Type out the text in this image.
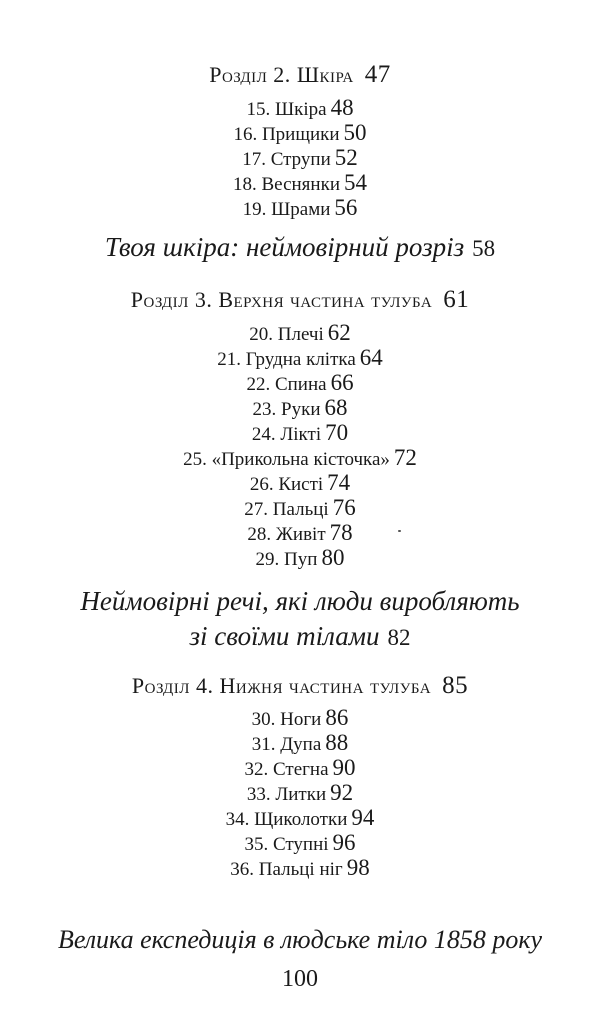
Розділ 2. Шкіра 47
15. Шкіра 48
16. Прищики 50
17. Струпи 52
18. Веснянки 54
19. Шрами 56
Твоя шкіра: неймовірний розріз 58
Розділ 3. Верхня частина тулуба 61
20. Плечі 62
21. Грудна клітка 64
22. Спина 66
23. Руки 68
24. Лікті 70
25. «Прикольна кісточка» 72
26. Кисті 74
27. Пальці 76
28. Живіт 78
29. Пуп 80
Неймовірні речі, які люди виробляють
зі своїми тілами 82
Розділ 4. Нижня частина тулуба 85
30. Ноги 86
31. Дупа 88
32. Стегна 90
33. Литки 92
34. Щиколотки 94
35. Ступні 96
36. Пальці ніг 98
Велика експедиція в людське тіло 1858 року
100
